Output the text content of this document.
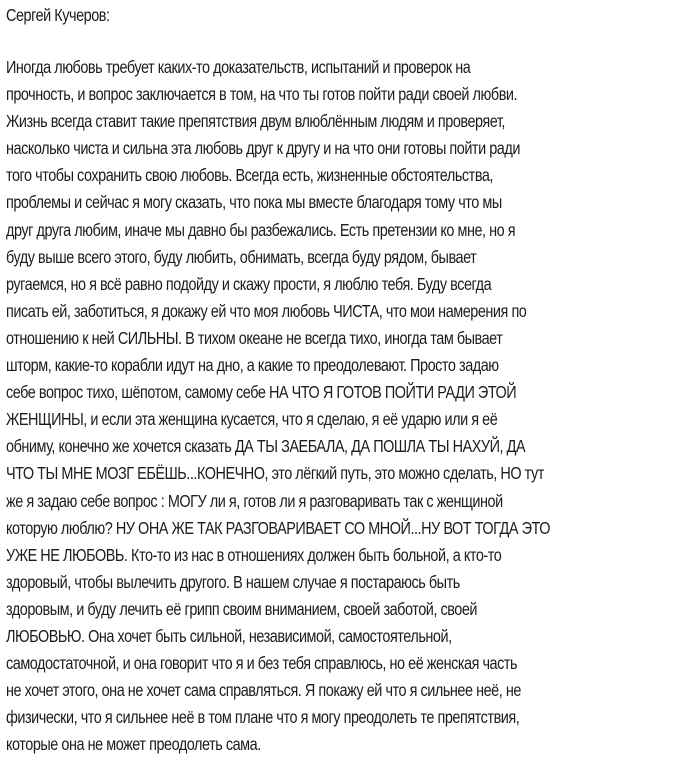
Сергей Кучеров:
Иногда любовь требует каких-то доказательств, испытаний и проверок на
прочность, и вопрос заключается в том, на что ты готов пойти ради своей любви.
Жизнь всегда ставит такие препятствия двум влюблённым людям и проверяет,
насколько чиста и сильна эта любовь друг к другу и на что они готовы пойти ради
того чтобы сохранить свою любовь. Всегда есть, жизненные обстоятельства,
проблемы и сейчас я могу сказать, что пока мы вместе благодаря тому что мы
друг друга любим, иначе мы давно бы разбежались. Есть претензии ко мне, но я
буду выше всего этого, буду любить, обнимать, всегда буду рядом, бывает
ругаемся, но я всё равно подойду и скажу прости, я люблю тебя. Буду всегда
писать ей, заботиться, я докажу ей что моя любовь ЧИСТА, что мои намерения по
отношению к ней СИЛЬНЫ. В тихом океане не всегда тихо, иногда там бывает
шторм, какие-то корабли идут на дно, а какие то преодолевают. Просто задаю
себе вопрос тихо, шёпотом, самому себе НА ЧТО Я ГОТОВ ПОЙТИ РАДИ ЭТОЙ
ЖЕНЩИНЫ, и если эта женщина кусается, что я сделаю, я её ударю или я её
обниму, конечно же хочется сказать ДА ТЫ ЗАЕБАЛА, ДА ПОШЛА ТЫ НАХУЙ, ДА
ЧТО ТЫ МНЕ МОЗГ ЕБЁШЬ...КОНЕЧНО, это лёгкий путь, это можно сделать, НО тут
же я задаю себе вопрос : МОГУ ли я, готов ли я разговаривать так с женщиной
которую люблю? НУ ОНА ЖЕ ТАК РАЗГОВАРИВАЕТ СО МНОЙ...НУ ВОТ ТОГДА ЭТО
УЖЕ НЕ ЛЮБОВЬ. Кто-то из нас в отношениях должен быть больной, а кто-то
здоровый, чтобы вылечить другого. В нашем случае я постараюсь быть
здоровым, и буду лечить её грипп своим вниманием, своей заботой, своей
ЛЮБОВЬЮ. Она хочет быть сильной, независимой, самостоятельной,
самодостаточной, и она говорит что я и без тебя справлюсь, но её женская часть
не хочет этого, она не хочет сама справляться. Я покажу ей что я сильнее неё, не
физически, что я сильнее неё в том плане что я могу преодолеть те препятствия,
которые она не может преодолеть сама.
